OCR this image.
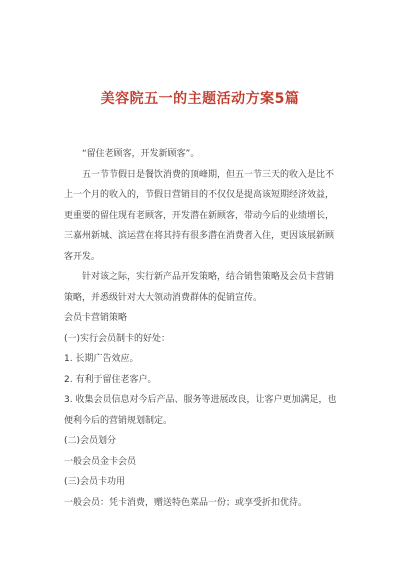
美容院五一的主题活动方案5篇

“留住老顾客，开发新顾客”。

五一节节假日是餐饮消费的顶峰期，但五一节三天的收入是比不上一个月的收入的，节假日营销目的不仅仅是提高该短期经济效益，更重要的留住现有老顾客，开发潜在新顾客，带动今后的业绩增长，三嘉州新城、滨运营在将其持有很多潜在消费者入住，更因该展新顾客开发。

针对该之际，实行新产品开发策略，结合销售策略及会员卡营销策略，并悉级针对大大领动消费群体的促销宣传。

会员卡营销策略

(一)实行会员制卡的好处：

1. 长期广告效应。

2. 有利于留住老客户。

3. 收集会员信息对今后产品、服务等进展改良，让客户更加满足，也便利今后的营销规划制定。

(二)会员划分

一般会员金卡会员

(三)会员卡功用

一般会员：凭卡消费，赠送特色菜品一份；或享受折扣优待。
